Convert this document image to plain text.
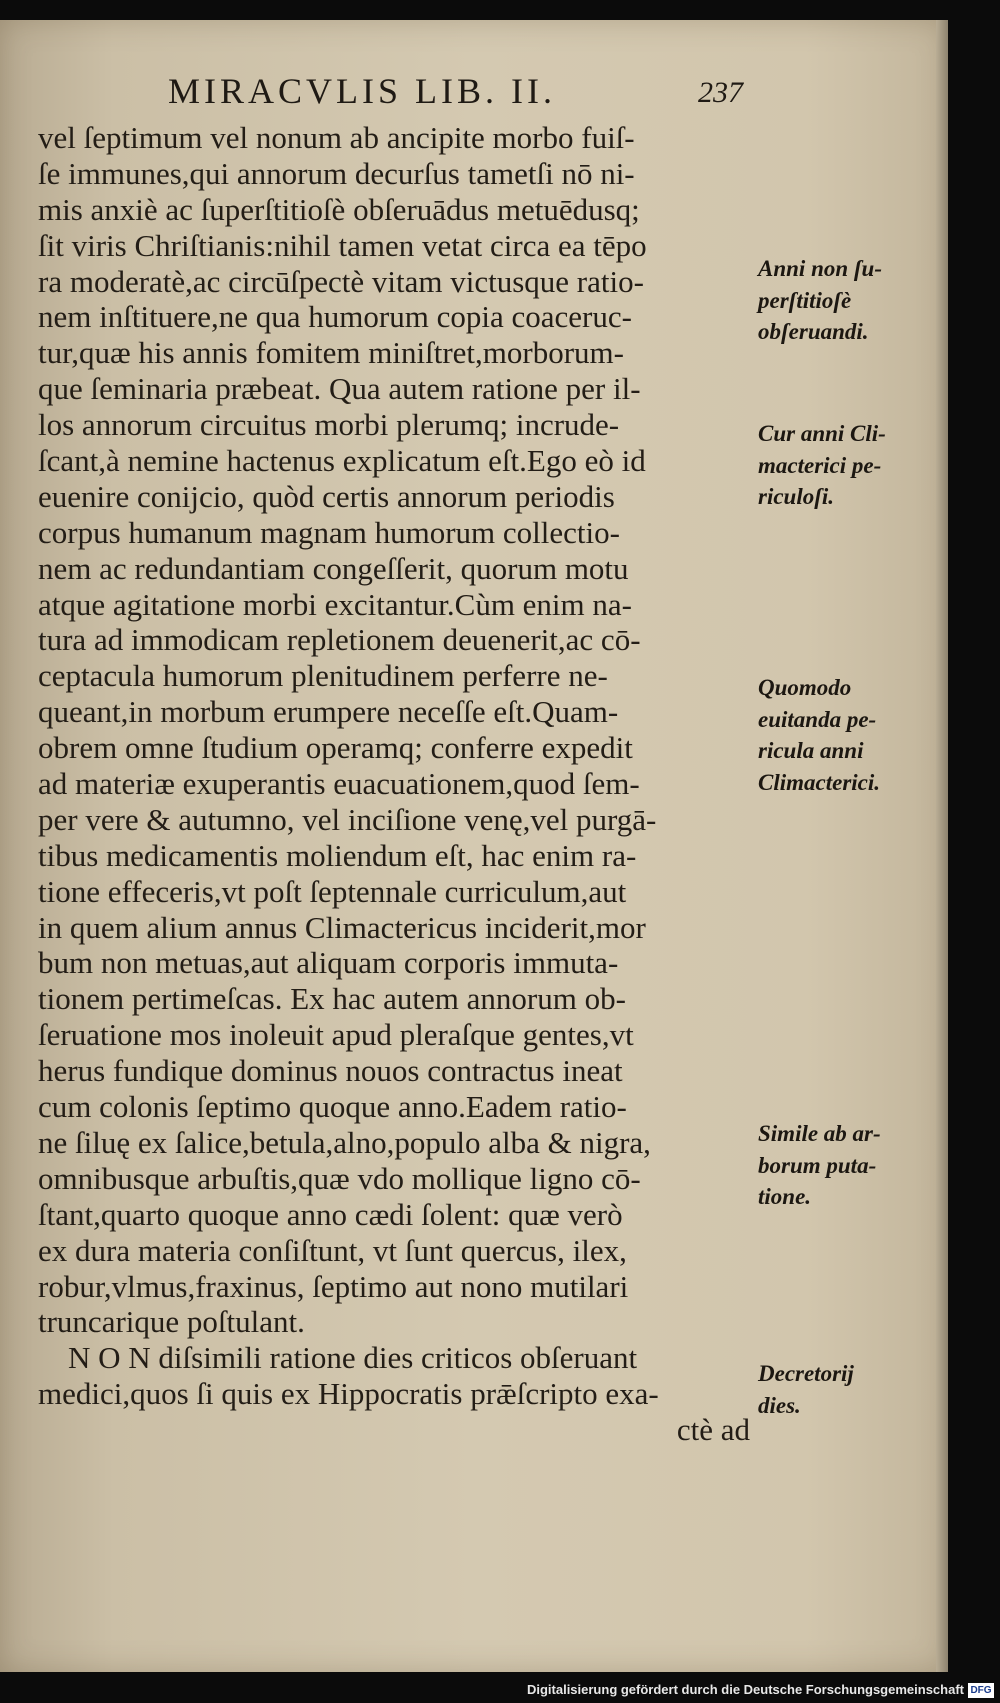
MIRACVLIS LIB. II.	237
vel ſeptimum vel nonum ab ancipite morbo fuiſ-
ſe immunes,qui annorum decurſus tametſi nō ni-
mis anxiè ac ſuperſtitioſè obſeruādus metuēdusq;
ſit viris Chriſtianis:nihil tamen vetat circa ea tēpo
ra moderatè,ac circūſpectè vitam victusque ratio-
nem inſtituere,ne qua humorum copia coaceruc-
tur,quæ his annis fomitem miniſtret,morborum-
que ſeminaria præbeat. Qua autem ratione per il-
los annorum circuitus morbi plerumq; incrude-
ſcant,à nemine hactenus explicatum eſt.Ego eò id
euenire conijcio, quòd certis annorum periodis
corpus humanum magnam humorum collectio-
nem ac redundantiam congeſſerit, quorum motu
atque agitatione morbi excitantur.Cùm enim na-
tura ad immodicam repletionem deuenerit,ac cō-
ceptacula humorum plenitudinem perferre ne-
queant,in morbum erumpere neceſſe eſt.Quam-
obrem omne ſtudium operamq; conferre expedit
ad materiæ exuperantis euacuationem,quod ſem-
per vere & autumno, vel inciſione venę,vel purgā-
tibus medicamentis moliendum eſt, hac enim ra-
tione effeceris,vt poſt ſeptennale curriculum,aut
in quem alium annus Climactericus inciderit,mor
bum non metuas,aut aliquam corporis immuta-
tionem pertimeſcas. Ex hac autem annorum ob-
ſeruatione mos inoleuit apud pleraſque gentes,vt
herus fundique dominus nouos contractus ineat
cum colonis ſeptimo quoque anno.Eadem ratio-
ne ſiluę ex ſalice,betula,alno,populo alba & nigra,
omnibusque arbuſtis,quæ vdo mollique ligno cō-
ſtant,quarto quoque anno cædi ſolent: quæ verò
ex dura materia conſiſtunt, vt ſunt quercus, ilex,
robur,vlmus,fraxinus, ſeptimo aut nono mutilari
truncarique poſtulant.
N O N diſsimili ratione dies criticos obſeruant
medici,quos ſi quis ex Hippocratis prǣſcripto exa-
ctè ad
Anni non ſu-
perſtitioſè
obſeruandi.
Cur anni Cli-
macterici pe-
riculoſi.
Quomodo
euitanda pe-
ricula anni
Climacterici.
Simile ab ar-
borum puta-
tione.
Decretorij
dies.
Digitalisierung gefördert durch die Deutsche Forschungsgemeinschaft DFG
